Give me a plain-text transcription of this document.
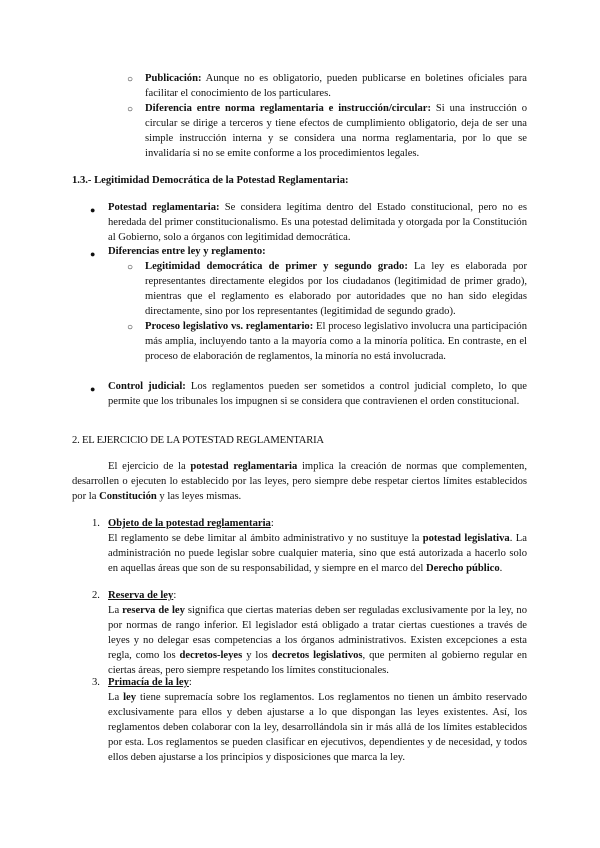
○ Publicación: Aunque no es obligatorio, pueden publicarse en boletines oficiales para facilitar el conocimiento de los particulares.
○ Diferencia entre norma reglamentaria e instrucción/circular: Si una instrucción o circular se dirige a terceros y tiene efectos de cumplimiento obligatorio, deja de ser una simple instrucción interna y se considera una norma reglamentaria, por lo que se invalidaría si no se emite conforme a los procedimientos legales.
1.3.- Legitimidad Democrática de la Potestad Reglamentaria:
● Potestad reglamentaria: Se considera legítima dentro del Estado constitucional, pero no es heredada del primer constitucionalismo. Es una potestad delimitada y otorgada por la Constitución al Gobierno, solo a órganos con legitimidad democrática.
● Diferencias entre ley y reglamento:
○ Legitimidad democrática de primer y segundo grado: La ley es elaborada por representantes directamente elegidos por los ciudadanos (legitimidad de primer grado), mientras que el reglamento es elaborado por autoridades que no han sido elegidas directamente, sino por los representantes (legitimidad de segundo grado).
○ Proceso legislativo vs. reglamentario: El proceso legislativo involucra una participación más amplia, incluyendo tanto a la mayoría como a la minoría política. En contraste, en el proceso de elaboración de reglamentos, la minoría no está involucrada.
● Control judicial: Los reglamentos pueden ser sometidos a control judicial completo, lo que permite que los tribunales los impugnen si se considera que contravienen el orden constitucional.
2. EL EJERCICIO DE LA POTESTAD REGLAMENTARIA
El ejercicio de la potestad reglamentaria implica la creación de normas que complementen, desarrollen o ejecuten lo establecido por las leyes, pero siempre debe respetar ciertos límites establecidos por la Constitución y las leyes mismas.
1. Objeto de la potestad reglamentaria:
El reglamento se debe limitar al ámbito administrativo y no sustituye la potestad legislativa. La administración no puede legislar sobre cualquier materia, sino que está autorizada a hacerlo solo en aquellas áreas que son de su responsabilidad, y siempre en el marco del Derecho público.
2. Reserva de ley:
La reserva de ley significa que ciertas materias deben ser reguladas exclusivamente por la ley, no por normas de rango inferior. El legislador está obligado a tratar ciertas cuestiones a través de leyes y no delegar esas competencias a los órganos administrativos. Existen excepciones a esta regla, como los decretos-leyes y los decretos legislativos, que permiten al gobierno regular en ciertas áreas, pero siempre respetando los límites constitucionales.
3. Primacía de la ley:
La ley tiene supremacía sobre los reglamentos. Los reglamentos no tienen un ámbito reservado exclusivamente para ellos y deben ajustarse a lo que dispongan las leyes existentes. Así, los reglamentos deben colaborar con la ley, desarrollándola sin ir más allá de los límites establecidos por esta. Los reglamentos se pueden clasificar en ejecutivos, dependientes y de necesidad, y todos ellos deben ajustarse a los principios y disposiciones que marca la ley.
